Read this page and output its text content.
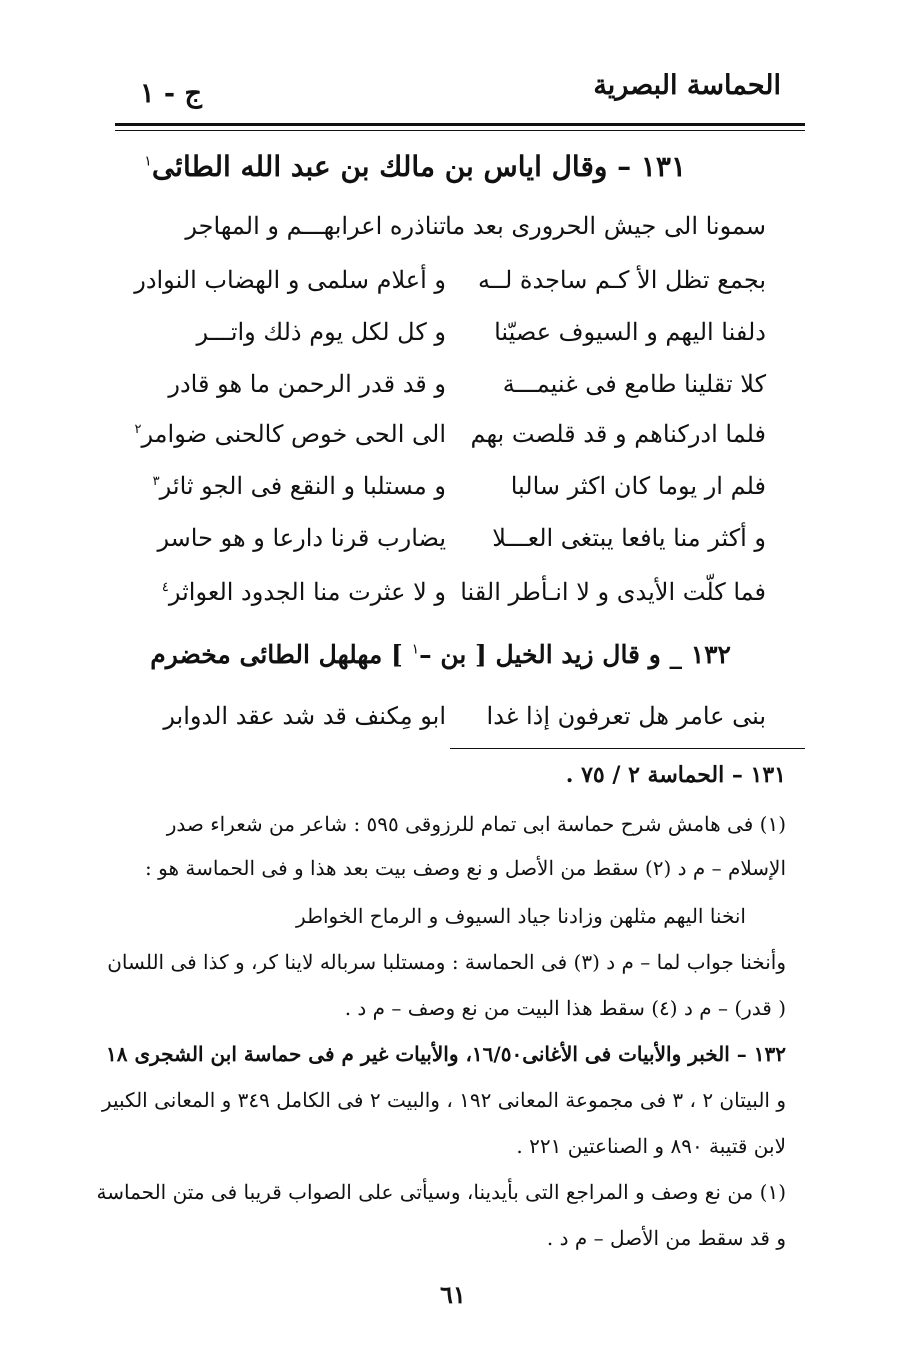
الحماسة البصرية
ج - ١
١٣١ – وقال اياس بن مالك بن عبد الله الطائى$^١$
سمونا الى جيش الحرورى بعد ما
تناذره اعرابهـــم و المهاجر
بجمع تظل الأ كـم ساجدة لــه
و أعلام سلمى و الهضاب النوادر
دلفنا اليهم و السيوف عصيّنا
و كل لكل يوم ذلك واتـــر
كلا تقلينا طامع فى غنيمـــة
و قد قدر الرحمن ما هو قادر
فلما ادركناهم و قد قلصت بهم
الى الحى خوص كالحنى ضوامر$^٢$
فلم ار يوما كان اكثر سالبا
و مستلبا و النقع فى الجو ثائر$^٣$
و أكثر منا يافعا يبتغى العـــلا
يضارب قرنا دارعا و هو حاسر
فما كلّت الأيدى و لا انـأطر القنا
و لا عثرت منا الجدود العواثر$^٤$
١٣٢ _ و قال زيد الخيل [ بن –$^١$ ] مهلهل الطائى مخضرم
بنى عامر هل تعرفون إذا غدا
ابو مِكنف قد شد عقد الدوابر
١٣١ – الحماسة ٢ / ٧٥ .
(١) فى هامش شرح حماسة ابى تمام للرزوقى ٥٩٥ : شاعر من شعراء صدر
الإسلام – م د (٢) سقط من الأصل و نع وصف بيت بعد هذا و فى الحماسة هو :
انخنا اليهم مثلهن وزادنا جياد السيوف و الرماح الخواطر
وأنخنا جواب لما – م د (٣) فى الحماسة : ومستلبا سرباله لاينا كر، و كذا فى اللسان
( قدر) – م د (٤) سقط هذا البيت من نع وصف – م د .
١٣٢ – الخبر والأبيات فى الأغانى١٦/٥٠، والأبيات غير م فى حماسة ابن الشجرى ١٨
و البيتان ٢ ، ٣ فى مجموعة المعانى ١٩٢ ، والبيت ٢ فى الكامل ٣٤٩ و المعانى الكبير
لابن قتيبة ٨٩٠ و الصناعتين ٢٢١ .
(١) من نع وصف و المراجع التى بأيدينا، وسيأتى على الصواب قريبا فى متن الحماسة
و قد سقط من الأصل – م د .
٦١
